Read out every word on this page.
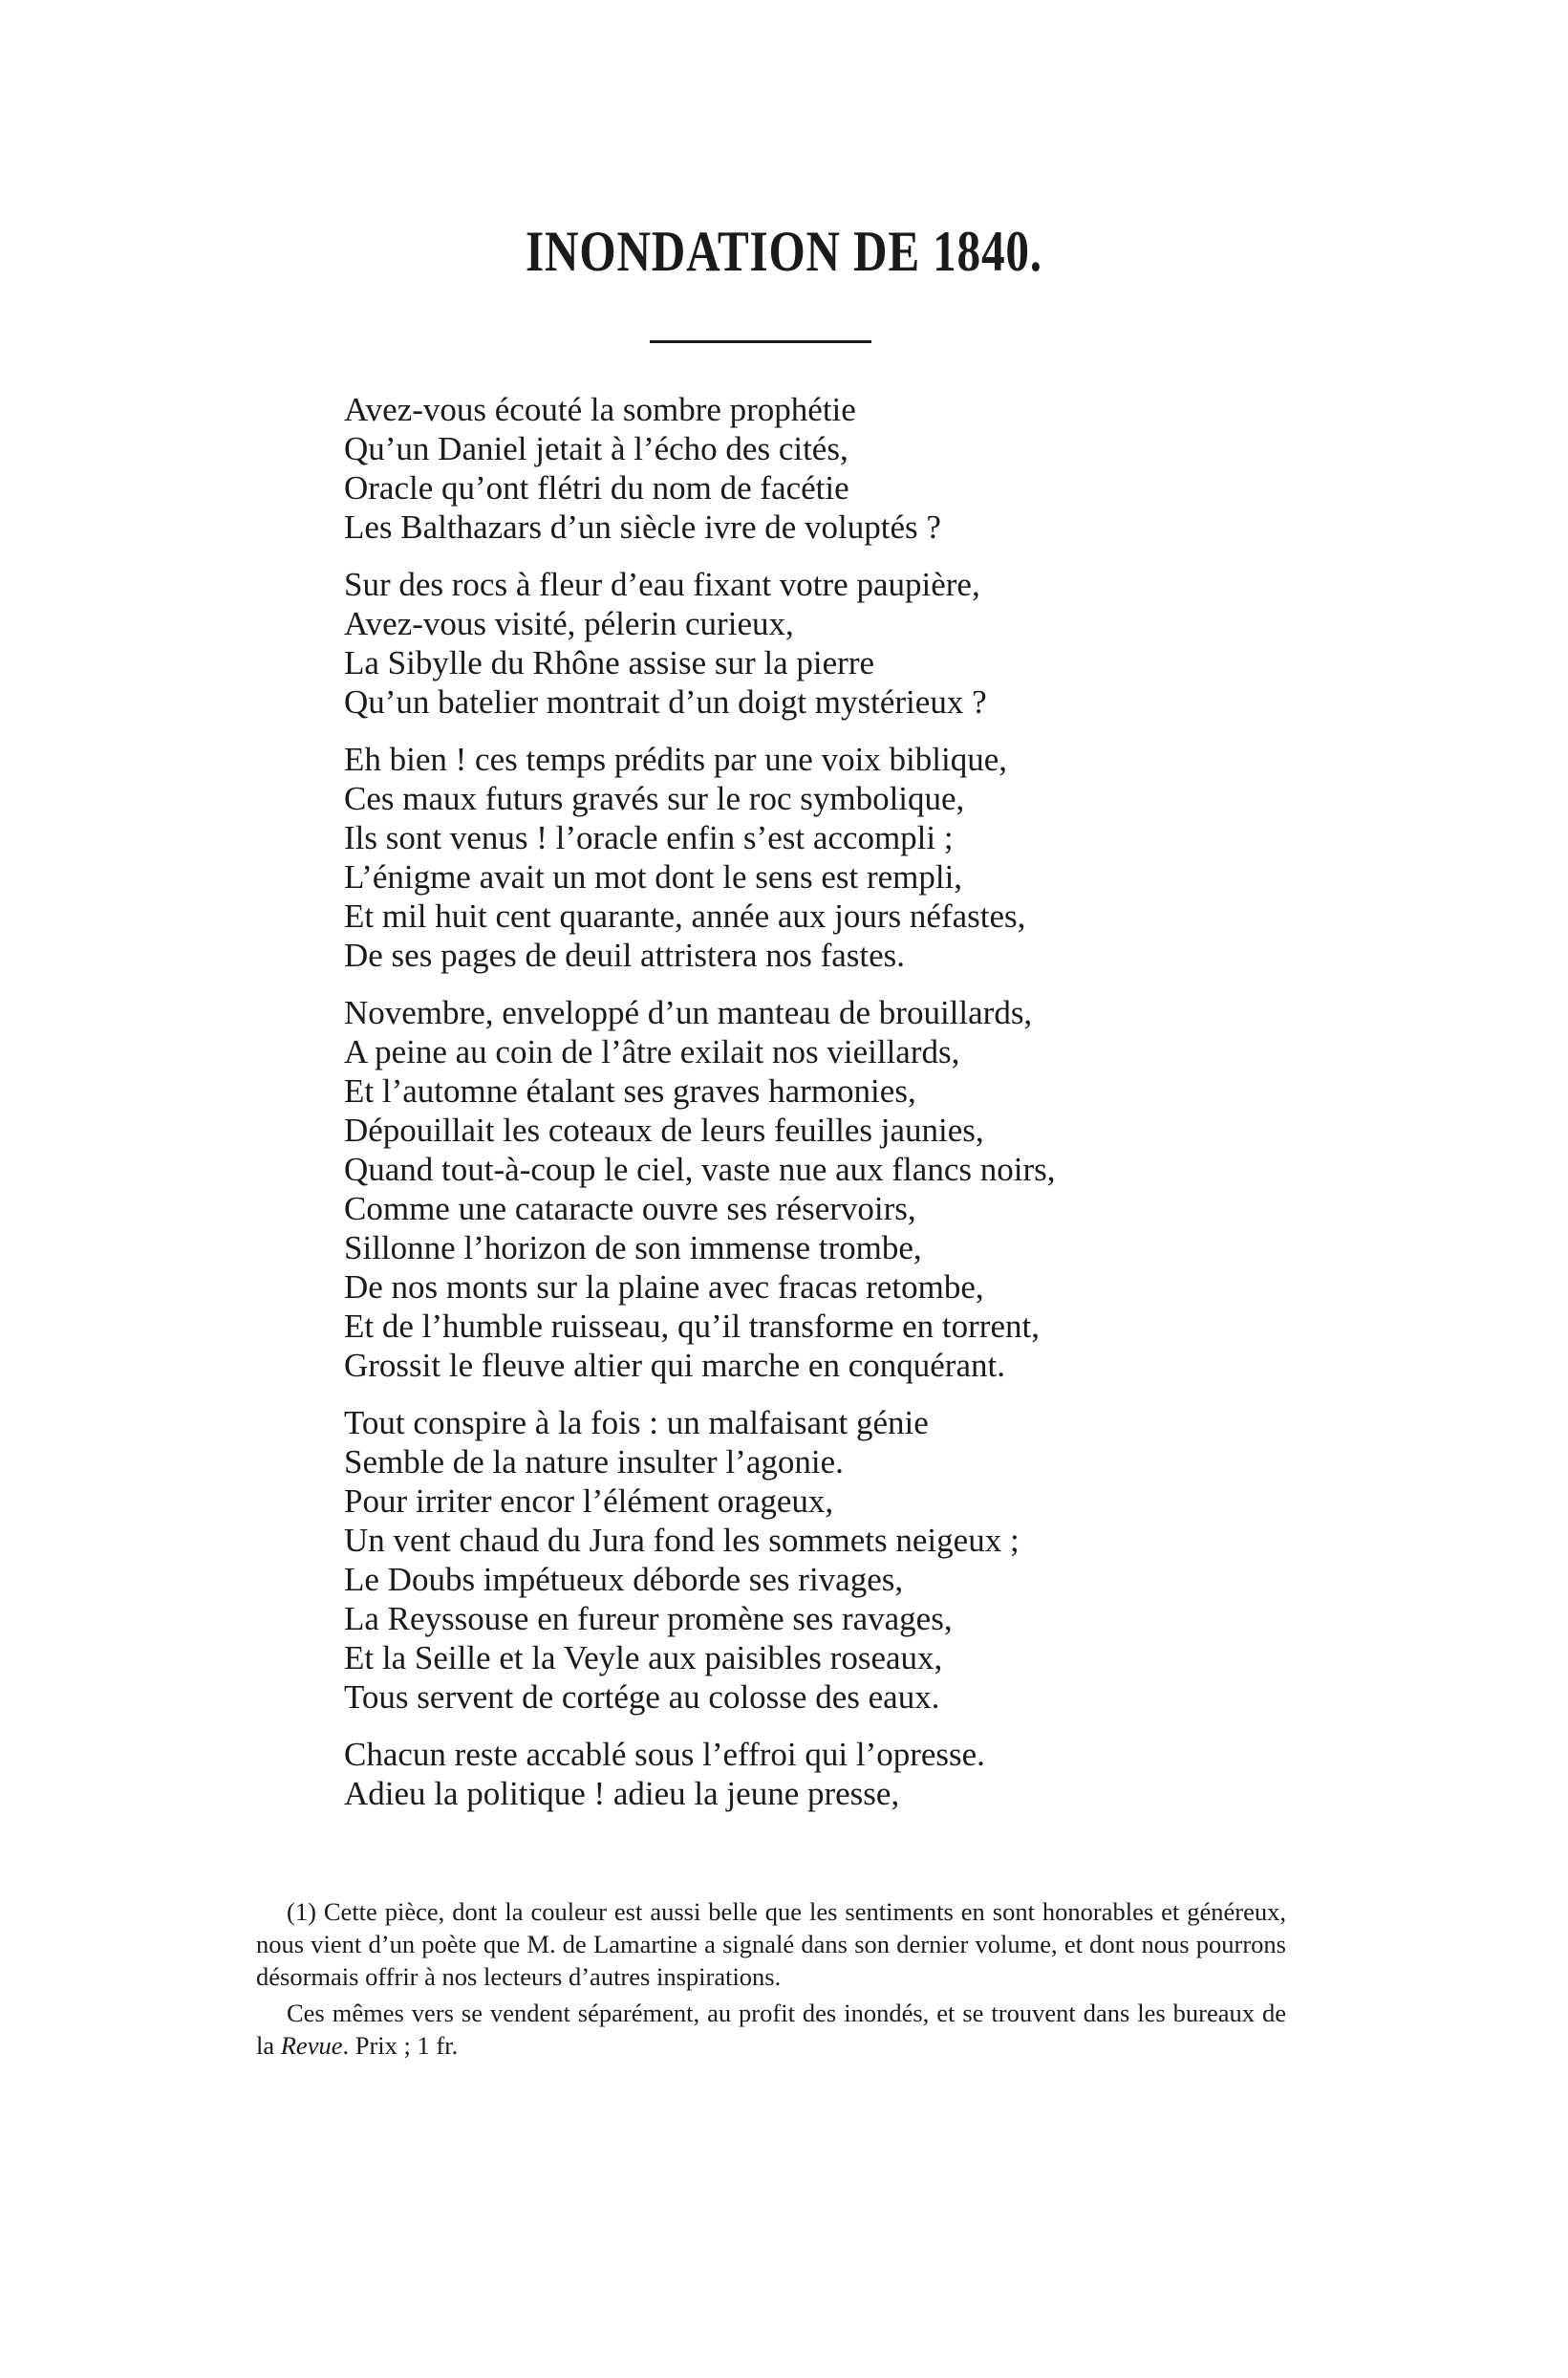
INONDATION DE 1840.
Avez-vous écouté la sombre prophétie
Qu’un Daniel jetait à l’écho des cités,
Oracle qu’ont flétri du nom de facétie
Les Balthazars d’un siècle ivre de voluptés ?
Sur des rocs à fleur d’eau fixant votre paupière,
Avez-vous visité, pélerin curieux,
La Sibylle du Rhône assise sur la pierre
Qu’un batelier montrait d’un doigt mystérieux ?
Eh bien ! ces temps prédits par une voix biblique,
Ces maux futurs gravés sur le roc symbolique,
Ils sont venus ! l’oracle enfin s’est accompli ;
L’énigme avait un mot dont le sens est rempli,
Et mil huit cent quarante, année aux jours néfastes,
De ses pages de deuil attristera nos fastes.
Novembre, enveloppé d’un manteau de brouillards,
A peine au coin de l’âtre exilait nos vieillards,
Et l’automne étalant ses graves harmonies,
Dépouillait les coteaux de leurs feuilles jaunies,
Quand tout-à-coup le ciel, vaste nue aux flancs noirs,
Comme une cataracte ouvre ses réservoirs,
Sillonne l’horizon de son immense trombe,
De nos monts sur la plaine avec fracas retombe,
Et de l’humble ruisseau, qu’il transforme en torrent,
Grossit le fleuve altier qui marche en conquérant.
Tout conspire à la fois : un malfaisant génie
Semble de la nature insulter l’agonie.
Pour irriter encor l’élément orageux,
Un vent chaud du Jura fond les sommets neigeux ;
Le Doubs impétueux déborde ses rivages,
La Reyssouse en fureur promène ses ravages,
Et la Seille et la Veyle aux paisibles roseaux,
Tous servent de cortége au colosse des eaux.
Chacun reste accablé sous l’effroi qui l’opresse.
Adieu la politique ! adieu la jeune presse,

(1) Cette pièce, dont la couleur est aussi belle que les sentiments en sont honorables et généreux, nous vient d’un poète que M. de Lamartine a signalé dans son dernier volume, et dont nous pourrons désormais offrir à nos lecteurs d’autres inspirations.

Ces mêmes vers se vendent séparément, au profit des inondés, et se trouvent dans les bureaux de la Revue. Prix ; 1 fr.
